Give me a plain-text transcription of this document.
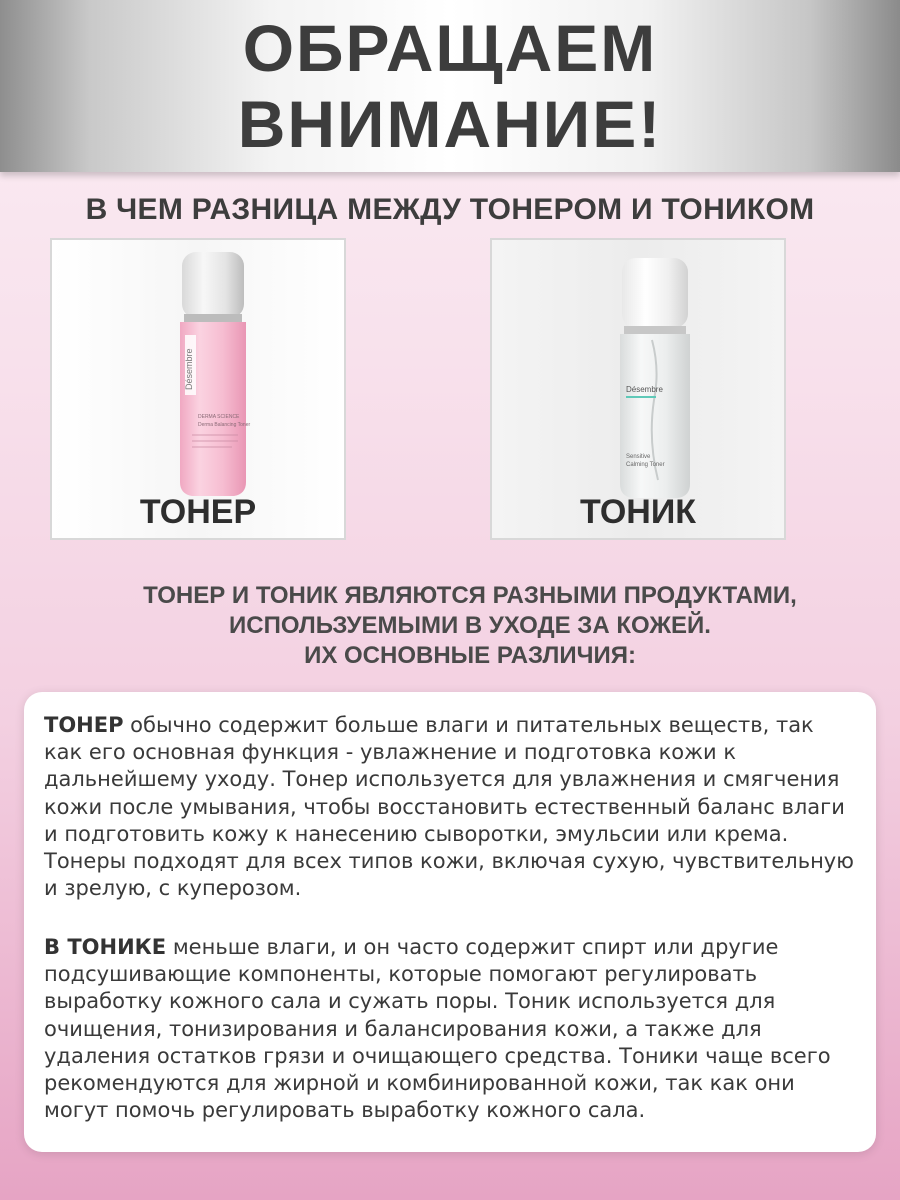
ОБРАЩАЕМ
ВНИМАНИЕ!
В ЧЕМ РАЗНИЦА МЕЖДУ ТОНЕРОМ И ТОНИКОМ
Désembre
DERMA SCIENCE
Derma Balancing Toner
ТОНЕР
Désembre
Sensitive
Calming Toner
ТОНИК
ТОНЕР И ТОНИК ЯВЛЯЮТСЯ РАЗНЫМИ ПРОДУКТАМИ,
ИСПОЛЬЗУЕМЫМИ В УХОДЕ ЗА КОЖЕЙ.
ИХ ОСНОВНЫЕ РАЗЛИЧИЯ:

ТОНЕР обычно содержит больше влаги и питательных веществ, так как его основная функция - увлажнение и подготовка кожи к дальнейшему уходу. Тонер используется для увлажнения и смягчения кожи после умывания, чтобы восстановить естественный баланс влаги и подготовить кожу к нанесению сыворотки, эмульсии или крема. Тонеры подходят для всех типов кожи, включая сухую, чувствительную и зрелую, с куперозом.

В ТОНИКЕ меньше влаги, и он часто содержит спирт или другие подсушивающие компоненты, которые помогают регулировать выработку кожного сала и сужать поры. Тоник используется для очищения, тонизирования и балансирования кожи, а также для удаления остатков грязи и очищающего средства. Тоники чаще всего рекомендуются для жирной и комбинированной кожи, так как они могут помочь регулировать выработку кожного сала.
